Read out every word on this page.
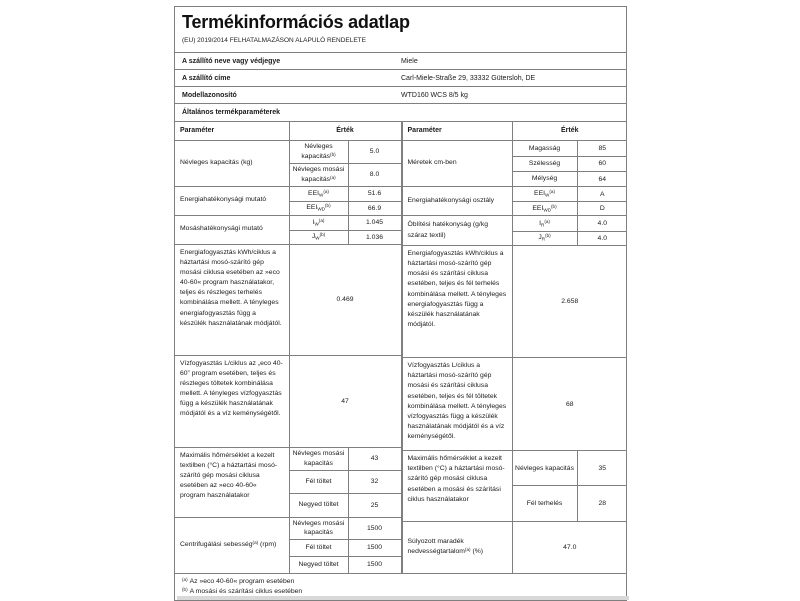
Termékinformációs adatlap
(EU) 2019/2014 FELHATALMAZÁSON ALAPULÓ RENDELETE
A szállító neve vagy védjegye	Miele
A szállító címe	Carl-Miele-Straße 29, 33332 Gütersloh, DE
Modellazonosító	WTD160 WCS 8/5 kg
Általános termékparaméterek
Paraméter	Érték	
Névleges kapacitás (kg)	Névleges kapacitás$^{(b)}$	5.0
	Névleges mosási kapacitás$^{(a)}$	8.0
Energiahatékonysági mutató	$EEI_W^{(a)}$	51.6
	$EEI_{WD}^{(b)}$	66.9
Mosáshatékonysági mutató	$I_W^{(a)}$	1.045
	$J_W^{(b)}$	1.036
Energiafogyasztás kWh/ciklus a háztartási mosó-szárító gép mosási ciklusa esetében az »eco 40-60« program használatakor, teljes és részleges terhelés kombinálása mellett. A tényleges energiafogyasztás függ a készülék használatának módjától.	0.469	
Vízfogyasztás L/ciklus az „eco 40-60” program esetében, teljes és részleges töltetek kombinálása mellett. A tényleges vízfogyasztás függ a készülék használatának módjától és a víz keménységétől.	47	
Maximális hőmérséklet a kezelt textilben (°C) a háztartási mosó-szárító gép mosási ciklusa esetében az »eco 40-60« program használatakor	Névleges mosási kapacitás	43
	Fél töltet	32
	Negyed töltet	25
Centrifugálási sebesség$^{(a)}$ (rpm)	Névleges mosási kapacitás	1500
	Fél töltet	1500
	Negyed töltet	1500
Paraméter	Érték	
Méretek cm-ben	Magasság	85
	Szélesség	60
	Mélység	64
Energiahatékonysági osztály	$EEI_W^{(a)}$	A
	$EEI_{WD}^{(b)}$	D
Öblítési hatékonyság (g/kg száraz textil)	$I_R^{(a)}$	4.0
	$J_R^{(b)}$	4.0
Energiafogyasztás kWh/ciklus a háztartási mosó-szárító gép mosási és szárítási ciklusa esetében, teljes és fél terhelés kombinálása mellett. A tényleges energiafogyasztás függ a készülék használatának módjától.	2.658	
Vízfogyasztás L/ciklus a háztartási mosó-szárító gép mosási és szárítási ciklusa esetében, teljes és fél töltetek kombinálása mellett. A tényleges vízfogyasztás függ a készülék használatának módjától és a víz keménységétől.	68	
Maximális hőmérséklet a kezelt textilben (°C) a háztartási mosó-szárító gép mosási ciklusa esetében a mosási és szárítási ciklus használatakor	Névleges kapacitás	35
	Fél terhelés	28
Súlyozott maradék nedvességtartalom$^{(a)}$ (%)	47.0	
$^{(a)}$ Az »eco 40-60« program esetében
$^{(b)}$ A mosási és szárítási ciklus esetében
